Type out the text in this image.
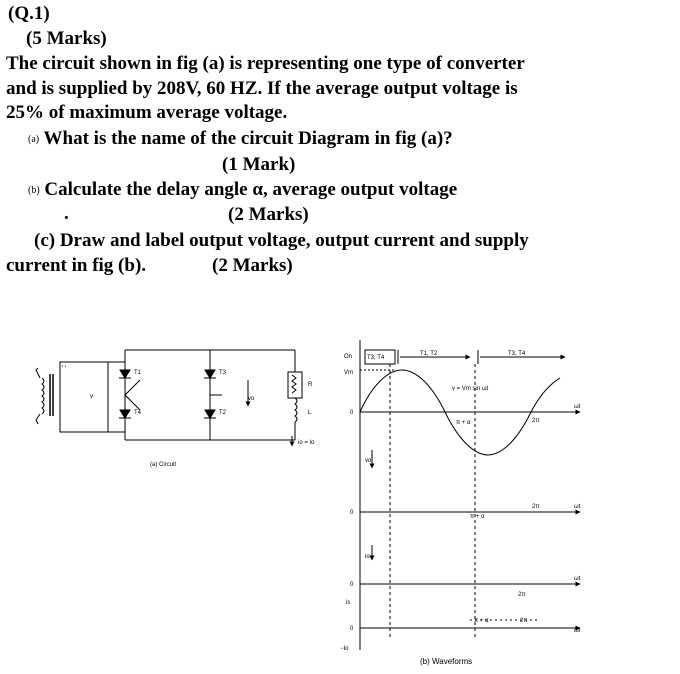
(Q.1)
(5 Marks)
The circuit shown in fig (a) is representing one type of converter
and is supplied by 208V, 60 HZ. If the average output voltage is
25% of maximum average voltage.
(a) What is the name of the circuit Diagram in fig (a)?
(1 Mark)
(b) Calculate the delay angle α, average output voltage
.	(2 Marks)
(c) Draw and label output voltage, output current and supply
current in fig (b).	(2 Marks)
T1
T4
T3
T2
v	vo
R
L
io = Io
(a) Circuit
On
Vm
T3, T4
T1, T2	T3, T4
v = Vm sin ωt
0
2π
ωt
π + α
vo
0
2π	ωt
π + α
io
0
2π
ωt
is
0
π + α	2π
ωt
−Io
(b) Waveforms
